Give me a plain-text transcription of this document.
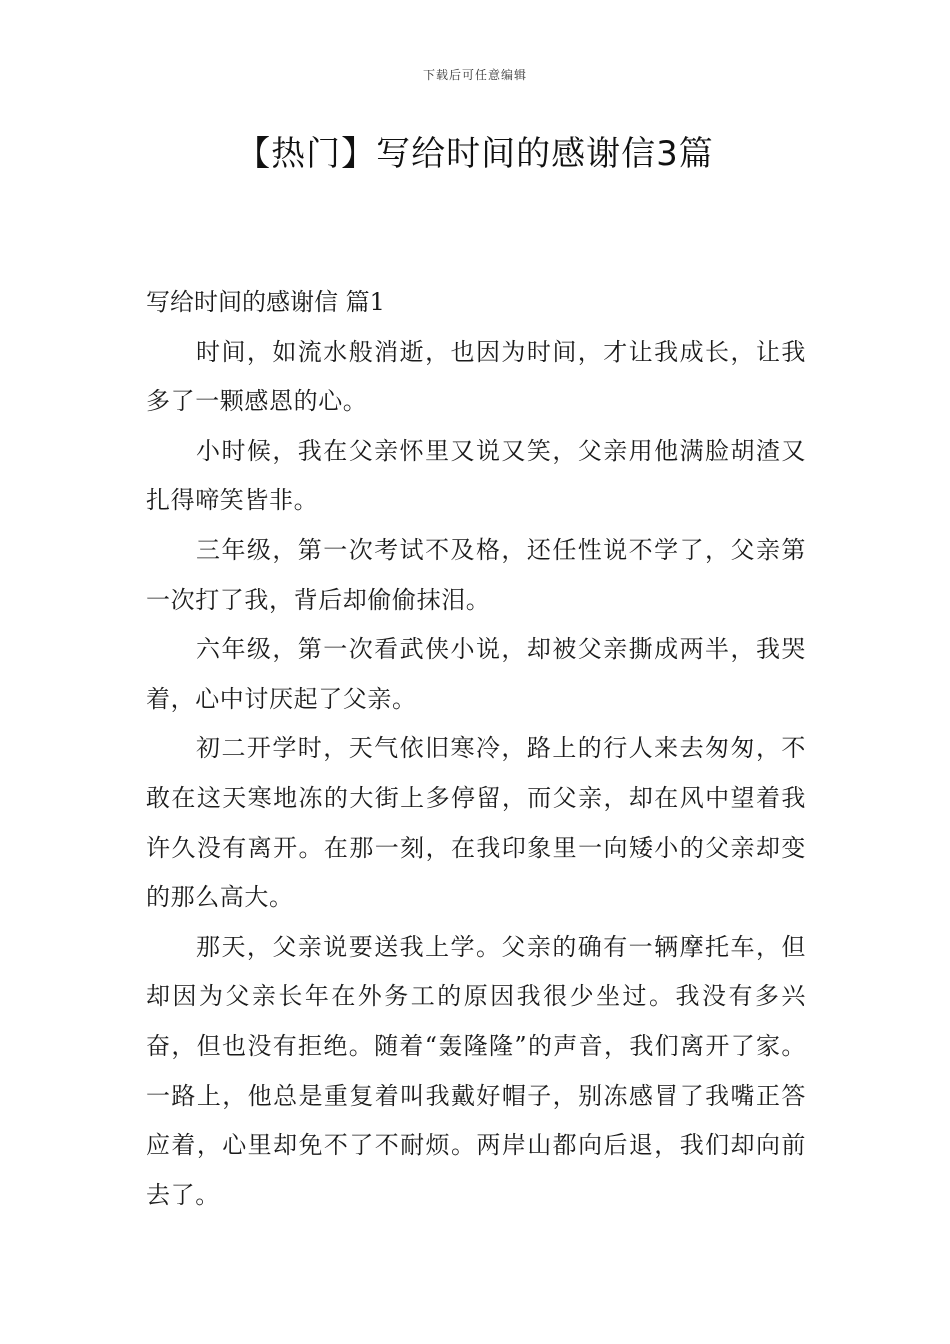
下载后可任意编辑
【热门】写给时间的感谢信3篇
写给时间的感谢信 篇1

时间，如流水般消逝，也因为时间，才让我成长，让我多了一颗感恩的心。

小时候，我在父亲怀里又说又笑，父亲用他满脸胡渣又扎得啼笑皆非。

三年级，第一次考试不及格，还任性说不学了，父亲第一次打了我，背后却偷偷抹泪。

六年级，第一次看武侠小说，却被父亲撕成两半，我哭着，心中讨厌起了父亲。

初二开学时，天气依旧寒冷，路上的行人来去匆匆，不敢在这天寒地冻的大街上多停留，而父亲，却在风中望着我许久没有离开。在那一刻，在我印象里一向矮小的父亲却变的那么高大。

那天，父亲说要送我上学。父亲的确有一辆摩托车，但却因为父亲长年在外务工的原因我很少坐过。我没有多兴奋，但也没有拒绝。随着“轰隆隆”的声音，我们离开了家。一路上，他总是重复着叫我戴好帽子，别冻感冒了我嘴正答应着，心里却免不了不耐烦。两岸山都向后退，我们却向前去了。
